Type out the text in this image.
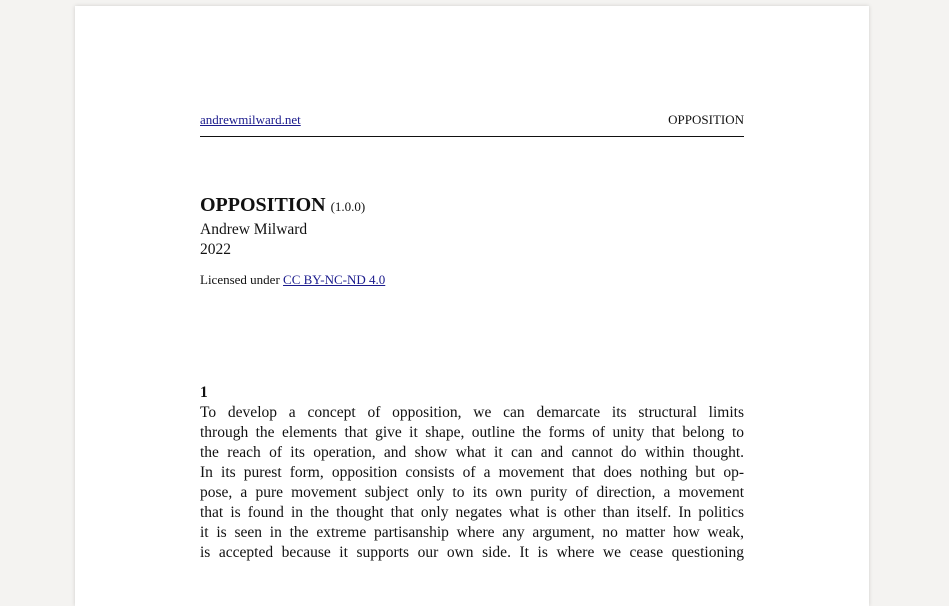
andrewmilward.net	OPPOSITION
OPPOSITION (1.0.0)
Andrew Milward
2022
Licensed under CC BY-NC-ND 4.0
1
To develop a concept of opposition, we can demarcate its structural limits
through the elements that give it shape, outline the forms of unity that belong to
the reach of its operation, and show what it can and cannot do within thought.
In its purest form, opposition consists of a movement that does nothing but op-
pose, a pure movement subject only to its own purity of direction, a movement
that is found in the thought that only negates what is other than itself. In politics
it is seen in the extreme partisanship where any argument, no matter how weak,
is accepted because it supports our own side. It is where we cease questioning
